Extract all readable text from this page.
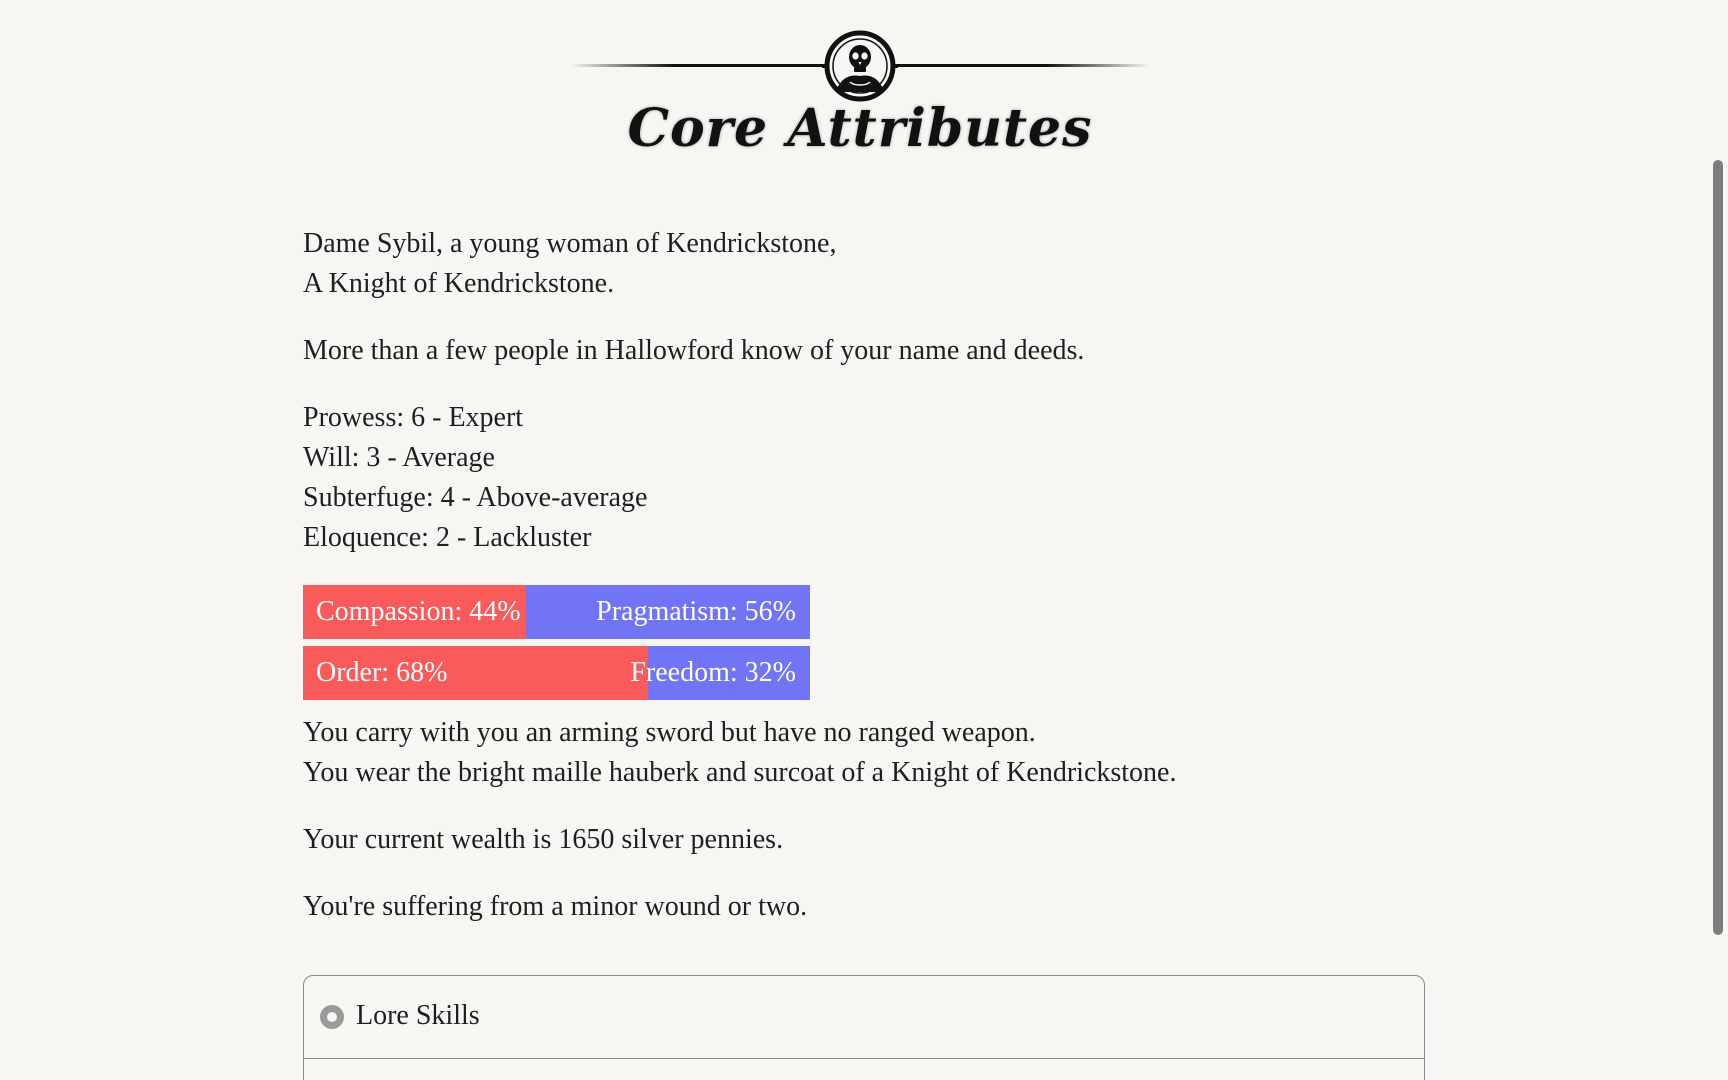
Core Attributes

Dame Sybil, a young woman of Kendrickstone,
A Knight of Kendrickstone.

More than a few people in Hallowford know of your name and deeds.

Prowess: 6 - Expert
Will: 3 - Average
Subterfuge: 4 - Above-average
Eloquence: 2 - Lackluster

Compassion: 44%	Pragmatism: 56%
Order: 68%	Freedom: 32%

You carry with you an arming sword but have no ranged weapon.
You wear the bright maille hauberk and surcoat of a Knight of Kendrickstone.

Your current wealth is 1650 silver pennies.

You're suffering from a minor wound or two.

Lore Skills
